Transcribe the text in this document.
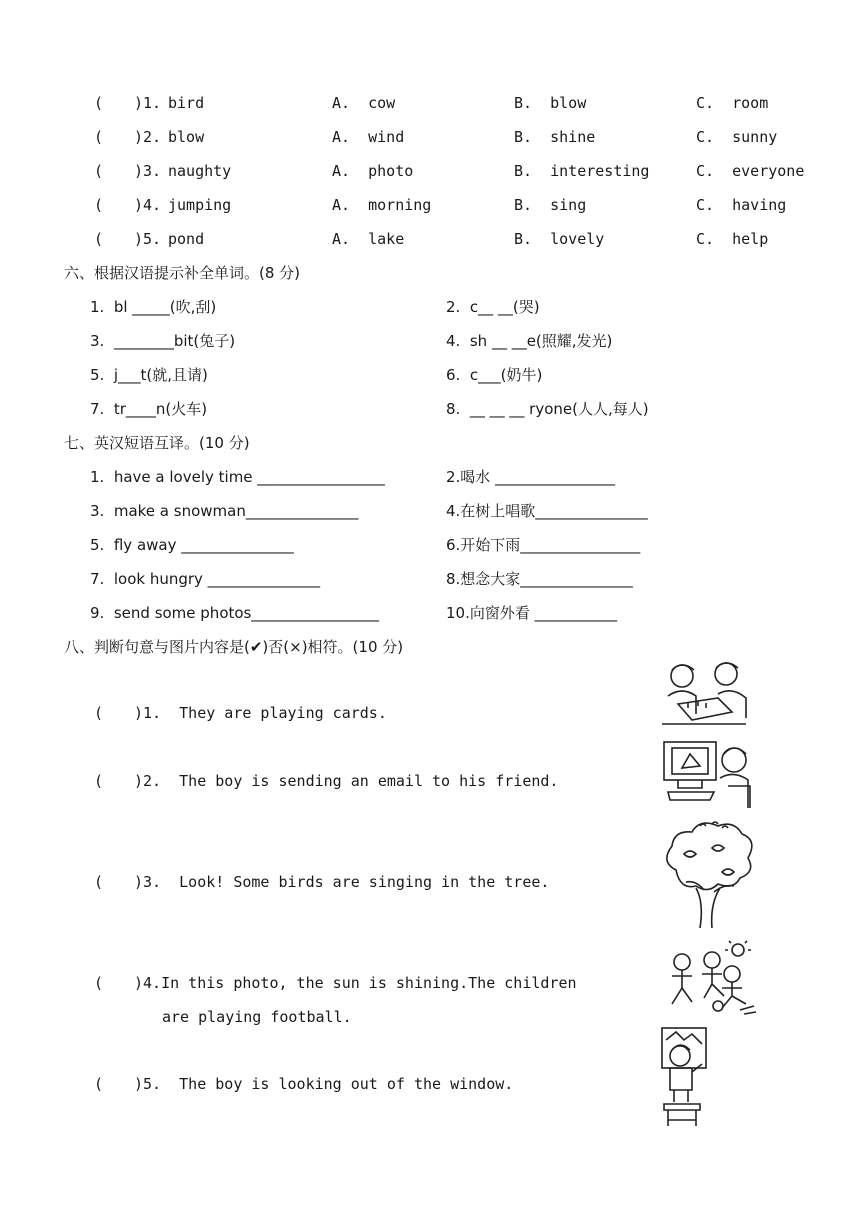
( )1. bird	A.  cow	B.  blow	C.  room
( )2. blow	A.  wind	B.  shine	C.  sunny
( )3. naughty	A.  photo	B.  interesting	C.  everyone
( )4. jumping	A.  morning	B.  sing	C.  having
( )5. pond	A.  lake	B.  lovely	C.  help
六、根据汉语提示补全单词。(8 分)
1.  bl _____(吹,刮)	2.  c__ __(哭)
3.  ________bit(兔子)	4.  sh __ __e(照耀,发光)
5.  j___t(就,且请)	6.  c___(奶牛)
7.  tr____n(火车)	8.  __ __ __ ryone(人人,每人)
七、英汉短语互译。(10 分)
1.  have a lovely time _________________	2.喝水 ________________
3.  make a snowman_______________	4.在树上唱歌_______________
5.  fly away _______________	6.开始下雨________________
7.  look hungry _______________	8.想念大家_______________
9.  send some photos_________________	10.向窗外看 ___________
八、判断句意与图片内容是(✔)否(×)相符。(10 分)
( )1.  They are playing cards.
( )2.  The boy is sending an email to his friend.
( )3.  Look! Some birds are singing in the tree.
( )4.In this photo, the sun is shining.The children
are playing football.
( )5.  The boy is looking out of the window.
